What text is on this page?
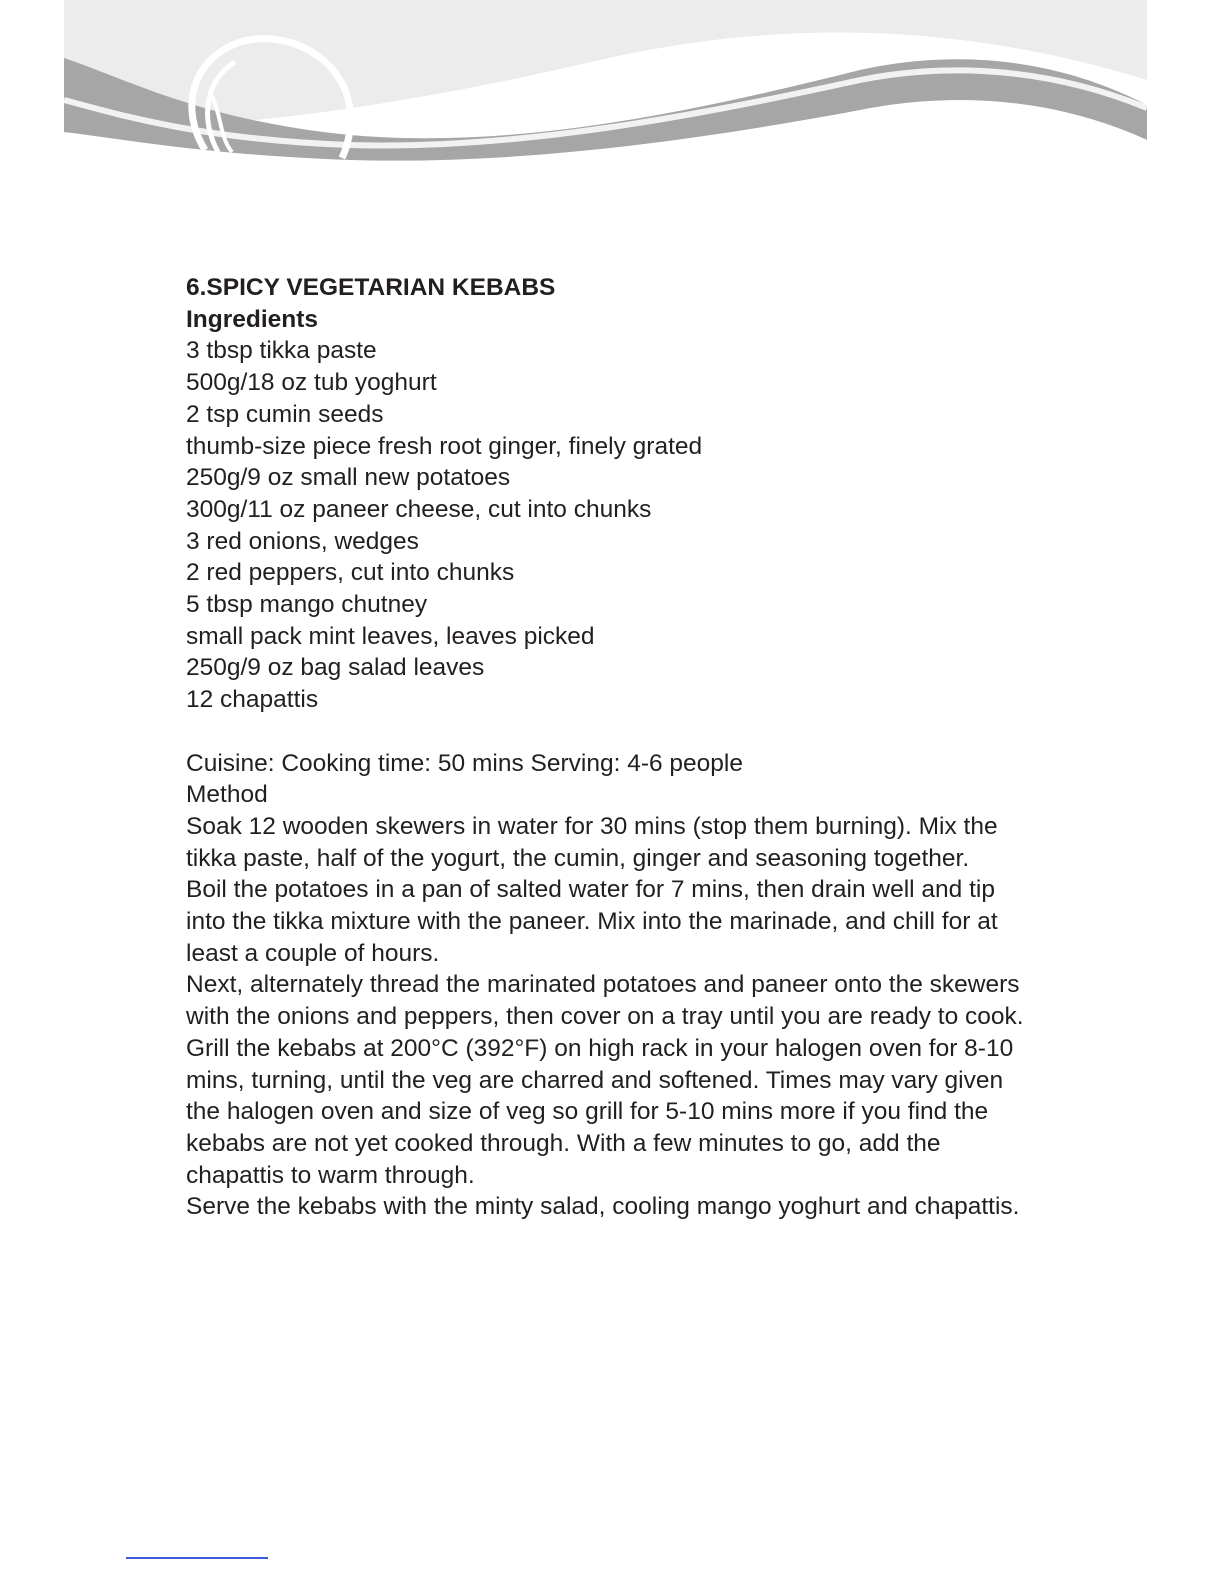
6.SPICY VEGETARIAN KEBABS

Ingredients

3 tbsp tikka paste
500g/18 oz tub yoghurt
2 tsp cumin seeds
thumb-size piece fresh root ginger, finely grated
250g/9 oz small new potatoes
300g/11 oz paneer cheese, cut into chunks
3 red onions, wedges
2 red peppers, cut into chunks
5 tbsp mango chutney
small pack mint leaves, leaves picked
250g/9 oz bag salad leaves
12 chapattis

Cuisine: Cooking time: 50 mins Serving: 4-6 people

Method

Soak 12 wooden skewers in water for 30 mins (stop them burning). Mix the tikka paste, half of the yogurt, the cumin, ginger and seasoning together.

Boil the potatoes in a pan of salted water for 7 mins, then drain well and tip into the tikka mixture with the paneer. Mix into the marinade, and chill for at least a couple of hours.

Next, alternately thread the marinated potatoes and paneer onto the skewers with the onions and peppers, then cover on a tray until you are ready to cook.

Grill the kebabs at 200°C (392°F) on high rack in your halogen oven for 8-10 mins, turning, until the veg are charred and softened. Times may vary given the halogen oven and size of veg so grill for 5-10 mins more if you find the kebabs are not yet cooked through. With a few minutes to go, add the chapattis to warm through.

Serve the kebabs with the minty salad, cooling mango yoghurt and chapattis.
